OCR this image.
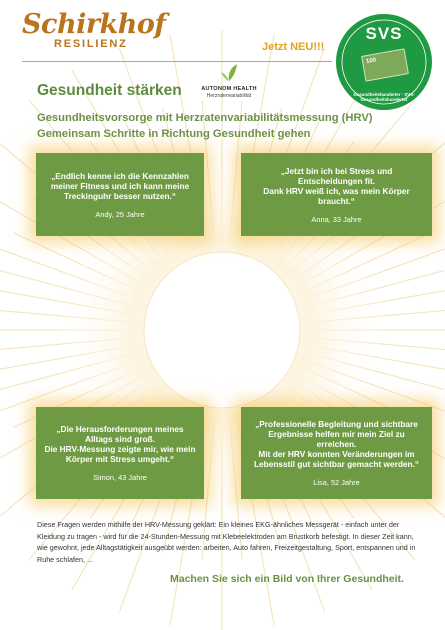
Schirkhof
RESILIENZ	Jetzt NEU!!!
SVS
100
Gesundheitshunderter · SVS-Gesundheitshunderter
Gesundheit stärken	AUTONOM HEALTH
Herzratenvariabilität
Gesundheitsvorsorge mit Herzratenvariabilitätsmessung (HRV)
Gemeinsam Schritte in Richtung Gesundheit gehen
„Endlich kenne ich die Kennzahlen meiner Fitness und ich kann meine Treckinguhr besser nutzen.“
Andy, 25 Jahre
„Jetzt bin ich bei Stress und Entscheidungen fit.
Dank HRV weiß ich, was mein Körper braucht.“
Anna, 33 Jahre
„Die Herausforderungen meines Alltags sind groß.
Die HRV-Messung zeigte mir, wie mein Körper mit Stress umgeht.“
Simon, 43 Jahre
„Professionelle Begleitung und sichtbare Ergebnisse helfen mir mein Ziel zu erreichen.
Mit der HRV konnten Veränderungen im Lebensstil gut sichtbar gemacht werden.“
Lisa, 52 Jahre
Diese Fragen werden mithilfe der HRV-Messung geklärt: Ein kleines EKG-ähnliches Messgerät - einfach unter der Kleidung zu tragen - wird für die 24-Stunden-Messung mit Klebeelektroden am Brustkorb befestigt. In dieser Zeit kann, wie gewohnt, jede Alltagstätigkeit ausgeübt werden: arbeiten, Auto fahren, Freizeitgestaltung, Sport, entspannen und in Ruhe schlafen, ...
Machen Sie sich ein Bild von Ihrer Gesundheit.
